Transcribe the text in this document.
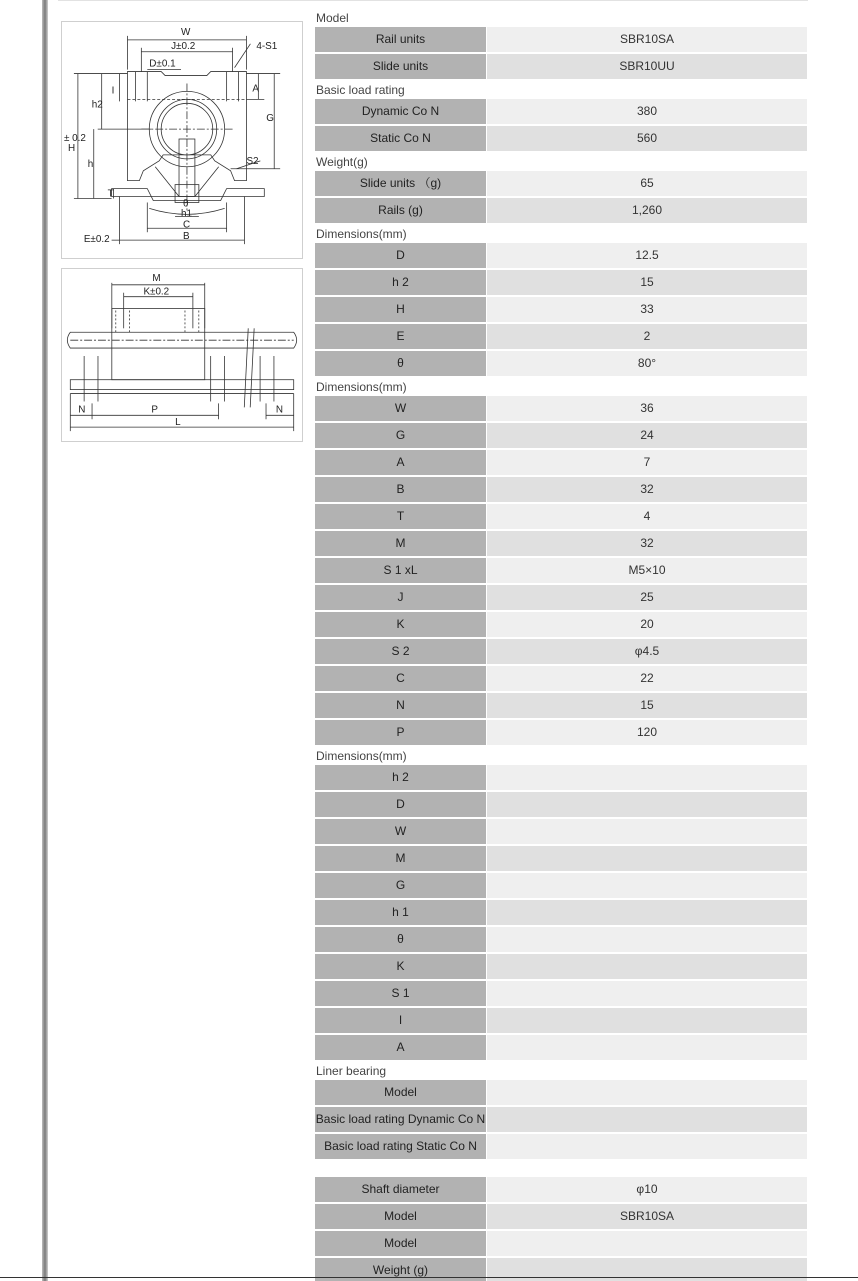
W
J±0.2	4-S1
D±0.1
A
I
h2
G
H
± 0.2
h	S2
T
θ
h1
C
E±0.2	B
M
K±0.2
N	P	N
L
Model
Rail units	SBR10SA
Slide units	SBR10UU
Basic load rating
Dynamic Co N	380
Static Co N	560
Weight(g)
Slide units （g)	65
Rails (g)	1,260
Dimensions(mm)
D	12.5
h 2	15
H	33
E	2
θ	80°
Dimensions(mm)
W	36
G	24
A	7
B	32
T	4
M	32
S 1 xL	M5×10
J	25
K	20
S 2	φ4.5
C	22
N	15
P	120
Dimensions(mm)
h 2
D
W
M
G
h 1
θ
K
S 1
I
A
Liner bearing
Model
Basic load rating Dynamic Co N
Basic load rating Static Co N
Shaft diameter	φ10
Model	SBR10SA
Model
Weight (g)
